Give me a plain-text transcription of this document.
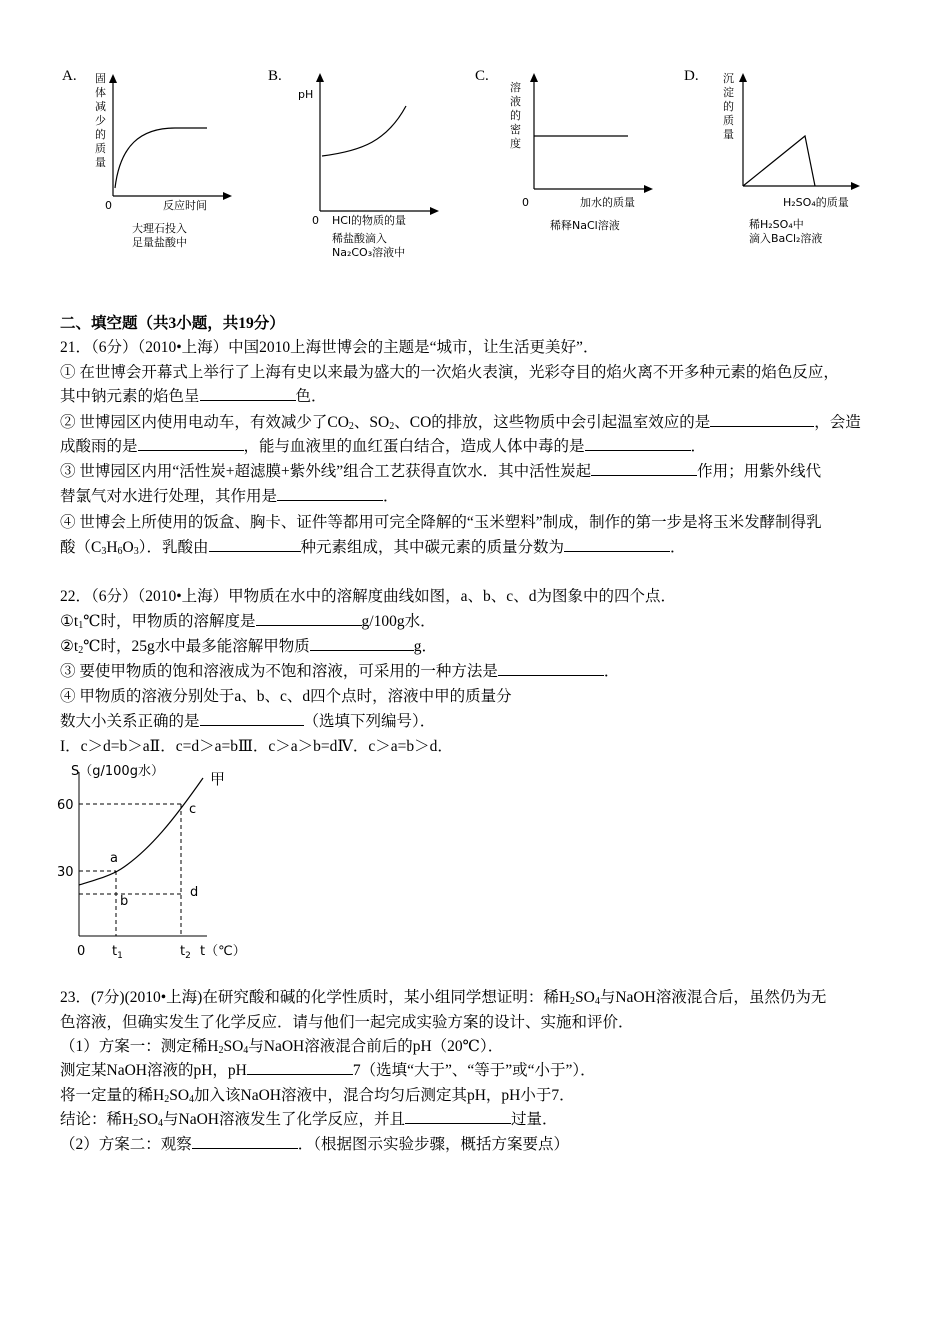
A. 固
体
减
少
的
质
量
0	反应时间
大理石投入
足量盐酸中
B.
pH
0 HCl的物质的量
稀盐酸滴入
Na₂CO₃溶液中
C.
溶
液
的
密
度
0	加水的质量
稀释NaCl溶液
D. 沉
淀
的
质
量
H₂SO₄的质量
稀H₂SO₄中
滴入BaCl₂溶液
二、填空题（共3小题，共19分）
21．（6分）（2010•上海）中国2010上海世博会的主题是“城市，让生活更美好”．
① 在世博会开幕式上举行了上海有史以来最为盛大的一次焰火表演，光彩夺目的焰火离不开多种元素的焰色反应，
其中钠元素的焰色呈	色．
② 世博园区内使用电动车，有效减少了$CO_2$、$SO_2$、CO的排放，这些物质中会引起温室效应的是	，会造
成酸雨的是	，能与血液里的血红蛋白结合，造成人体中毒的是	．
③ 世博园区内用“活性炭+超滤膜+紫外线”组合工艺获得直饮水．其中活性炭起	作用；用紫外线代
替氯气对水进行处理，其作用是	．
④ 世博会上所使用的饭盒、胸卡、证件等都用可完全降解的“玉米塑料”制成，制作的第一步是将玉米发酵制得乳
酸$(C_3H_6O_3)$．乳酸由	种元素组成，其中碳元素的质量分数为	．
22．（6分）（2010•上海）甲物质在水中的溶解度曲线如图，a、b、c、d为图象中的四个点．
$①t_1℃$时，甲物质的溶解度是	g/100g水．
$②t_2℃$时，25g水中最多能溶解甲物质	g．
③ 要使甲物质的饱和溶液成为不饱和溶液，可采用的一种方法是	．
④ 甲物质的溶液分别处于a、b、c、d四个点时，溶液中甲的质量分
数大小关系正确的是	（选填下列编号）．
I．c＞d=b＞aⅡ．c=d＞a=bⅢ．c＞a＞b=dⅣ．c＞a=b＞d．
S（g/100g水）	甲
60
30
0 $t_1$	$t_2$ t（℃）
a
b
c
d
23．(7分)(2010•上海)在研究酸和碱的化学性质时，某小组同学想证明：稀$H_2SO_4$与NaOH溶液混合后，虽然仍为无
色溶液，但确实发生了化学反应．请与他们一起完成实验方案的设计、实施和评价．
（1）方案一：测定稀$H_2SO_4$与NaOH溶液混合前后的pH（20℃）．
测定某NaOH溶液的pH，pH	7（选填“大于”、“等于”或“小于”）．
将一定量的稀$H_2SO_4$加入该NaOH溶液中，混合均匀后测定其pH，pH小于7．
结论：稀$H_2SO_4$与NaOH溶液发生了化学反应，并且	过量．
（2）方案二：观察	．（根据图示实验步骤，概括方案要点）
